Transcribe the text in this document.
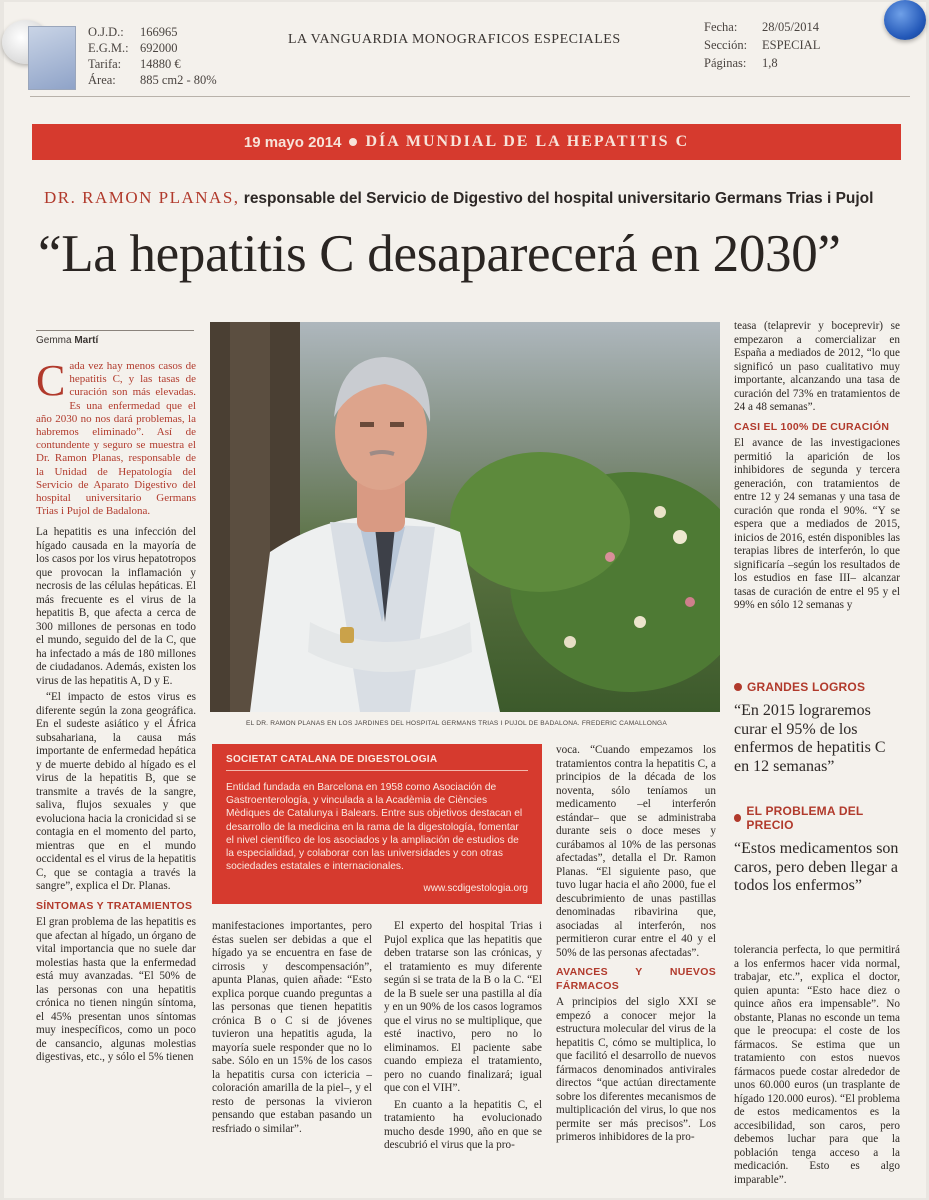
O.J.D.:	166965
E.G.M.: 692000
Tarifa:	14880 €
Área:	885 cm2 - 80%
LA VANGUARDIA MONOGRAFICOS ESPECIALES
Fecha:	28/05/2014
Sección:	ESPECIAL
Páginas:	1,8
19 mayo 2014 DÍA MUNDIAL DE LA HEPATITIS C
DR. RAMON PLANAS, responsable del Servicio de Digestivo del hospital universitario Germans Trias i Pujol
“La hepatitis C desaparecerá en 2030”
Gemma Martí

Cada vez hay menos casos de hepatitis C, y las tasas de curación son más elevadas. Es una enfermedad que el año 2030 no nos dará problemas, la habremos eliminado”. Así de contundente y seguro se muestra el Dr. Ramon Planas, responsable de la Unidad de Hepatología del Servicio de Aparato Digestivo del hospital universitario Germans Trias i Pujol de Badalona.

La hepatitis es una infección del hígado causada en la mayoría de los casos por los virus hepatotropos que provocan la inflamación y necrosis de las células hepáticas. El más frecuente es el virus de la hepatitis B, que afecta a cerca de 300 millones de personas en todo el mundo, seguido del de la C, que ha infectado a más de 180 millones de ciudadanos. Además, existen los virus de las hepatitis A, D y E.

“El impacto de estos virus es diferente según la zona geográfica. En el sudeste asiático y el África subsahariana, la causa más importante de enfermedad hepática y de muerte debido al hígado es el virus de la hepatitis B, que se transmite a través de la sangre, saliva, flujos sexuales y que evoluciona hacia la cronicidad si se contagia en el momento del parto, mientras que en el mundo occidental es el virus de la hepatitis C, que se contagia a través la sangre”, explica el Dr. Planas.

SÍNTOMAS Y TRATAMIENTOS

El gran problema de las hepatitis es que afectan al hígado, un órgano de vital importancia que no suele dar molestias hasta que la enfermedad está muy avanzadas. “El 50% de las personas con una hepatitis crónica no tienen ningún síntoma, el 45% presentan unos síntomas muy inespecíficos, como un poco de cansancio, algunas molestias digestivas, etc., y sólo el 5% tienen

EL DR. RAMON PLANAS EN LOS JARDINES DEL HOSPITAL GERMANS TRIAS I PUJOL DE BADALONA. FREDERIC CAMALLONGA
SOCIETAT CATALANA DE DIGESTOLOGIA
Entidad fundada en Barcelona en 1958 como Asociación de Gastroenterología, y vinculada a la Acadèmia de Ciències Mèdiques de Catalunya i Balears. Entre sus objetivos destacan el desarrollo de la medicina en la rama de la digestología, fomentar el nivel científico de los asociados y la ampliación de estudios de la especialidad, y colaborar con las universidades y con otras sociedades estatales e internacionales.
www.scdigestologia.org

manifestaciones importantes, pero éstas suelen ser debidas a que el hígado ya se encuentra en fase de cirrosis y descompensación”, apunta Planas, quien añade: “Esto explica porque cuando preguntas a las personas que tienen hepatitis crónica B o C si de jóvenes tuvieron una hepatitis aguda, la mayoría suele responder que no lo sabe. Sólo en un 15% de los casos la hepatitis cursa con ictericia –coloración amarilla de la piel–, y el resto de personas la vivieron pensando que estaban pasando un resfriado o similar”.

El experto del hospital Trias i Pujol explica que las hepatitis que deben tratarse son las crónicas, y el tratamiento es muy diferente según si se trata de la B o la C. “El de la B suele ser una pastilla al día y en un 90% de los casos logramos que el virus no se multiplique, que esté inactivo, pero no lo eliminamos. El paciente sabe cuando empieza el tratamiento, pero no cuando finalizará; igual que con el VIH”.

En cuanto a la hepatitis C, el tratamiento ha evolucionado mucho desde 1990, año en que se descubrió el virus que la pro-

voca. “Cuando empezamos los tratamientos contra la hepatitis C, a principios de la década de los noventa, sólo teníamos un medicamento –el interferón estándar– que se administraba durante seis o doce meses y curábamos al 10% de las personas afectadas”, detalla el Dr. Ramon Planas. “El siguiente paso, que tuvo lugar hacia el año 2000, fue el descubrimiento de unas pastillas denominadas ribavirina que, asociadas al interferón, nos permitieron curar entre el 40 y el 50% de las personas afectadas”.

AVANCES Y NUEVOS FÁRMACOS

A principios del siglo XXI se empezó a conocer mejor la estructura molecular del virus de la hepatitis C, cómo se multiplica, lo que facilitó el desarrollo de nuevos fármacos denominados antivirales directos “que actúan directamente sobre los diferentes mecanismos de multiplicación del virus, lo que nos permite ser más precisos”. Los primeros inhibidores de la pro-

teasa (telaprevir y boceprevir) se empezaron a comercializar en España a mediados de 2012, “lo que significó un paso cualitativo muy importante, alcanzando una tasa de curación del 73% en tratamientos de 24 a 48 semanas”.

CASI EL 100% DE CURACIÓN

El avance de las investigaciones permitió la aparición de los inhibidores de segunda y tercera generación, con tratamientos de entre 12 y 24 semanas y una tasa de curación que ronda el 90%. “Y se espera que a mediados de 2015, inicios de 2016, estén disponibles las terapias libres de interferón, lo que significaría –según los resultados de los estudios en fase III– alcanzar tasas de curación de entre el 95 y el 99% en sólo 12 semanas y

GRANDES LOGROS
“En 2015 lograremos curar el 95% de los enfermos de hepatitis C en 12 semanas”
EL PROBLEMA DEL PRECIO
“Estos medicamentos son caros, pero deben llegar a todos los enfermos”

tolerancia perfecta, lo que permitirá a los enfermos hacer vida normal, trabajar, etc.”, explica el doctor, quien apunta: “Esto hace diez o quince años era impensable”. No obstante, Planas no esconde un tema que le preocupa: el coste de los fármacos. Se estima que un tratamiento con estos nuevos fármacos puede costar alrededor de unos 60.000 euros (un trasplante de hígado 120.000 euros). “El problema de estos medicamentos es la accesibilidad, son caros, pero debemos luchar para que la población tenga acceso a la medicación. Esto es algo imparable”.
